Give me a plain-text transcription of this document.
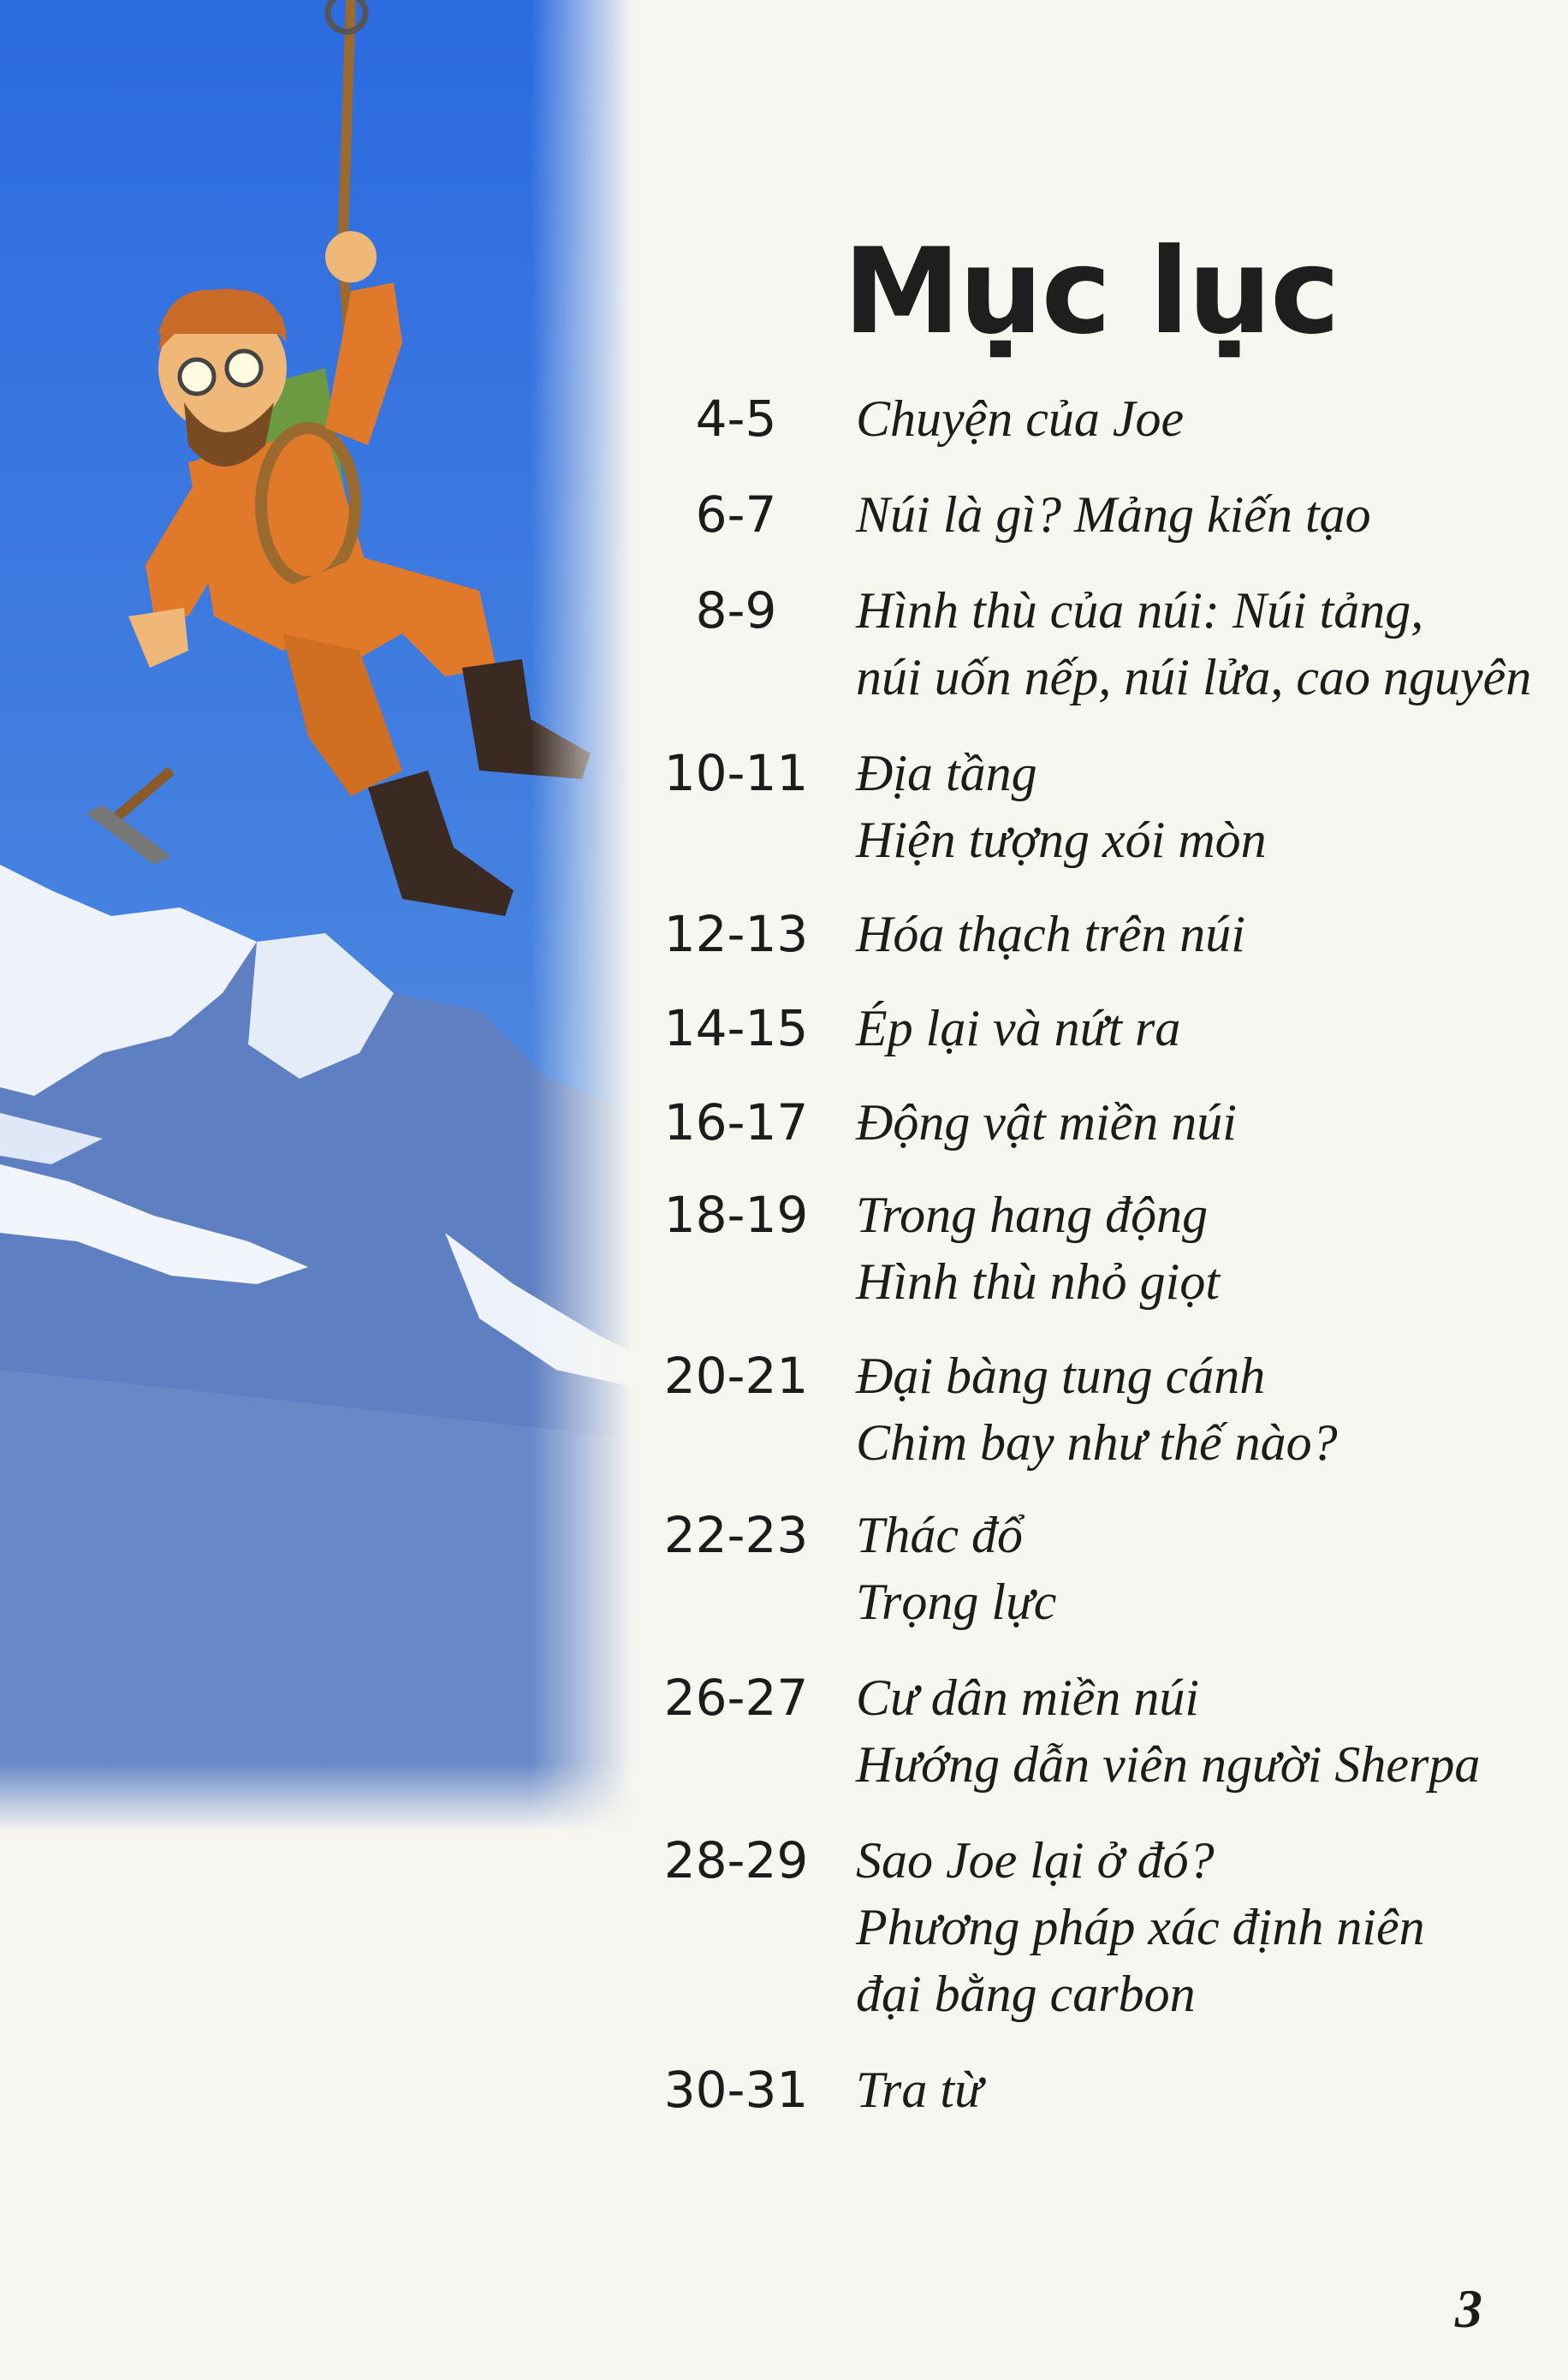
Mục lục
4-5	Chuyện của Joe
6-7	Núi là gì? Mảng kiến tạo
8-9	Hình thù của núi: Núi tảng,
núi uốn nếp, núi lửa, cao nguyên
10-11 Địa tầng
Hiện tượng xói mòn
12-13 Hóa thạch trên núi
14-15 Ép lại và nứt ra
16-17 Động vật miền núi
18-19 Trong hang động
Hình thù nhỏ giọt
20-21 Đại bàng tung cánh
Chim bay như thế nào?
22-23 Thác đổ
Trọng lực
26-27 Cư dân miền núi
Hướng dẫn viên người Sherpa
28-29 Sao Joe lại ở đó?
Phương pháp xác định niên
đại bằng carbon
30-31 Tra từ
3
